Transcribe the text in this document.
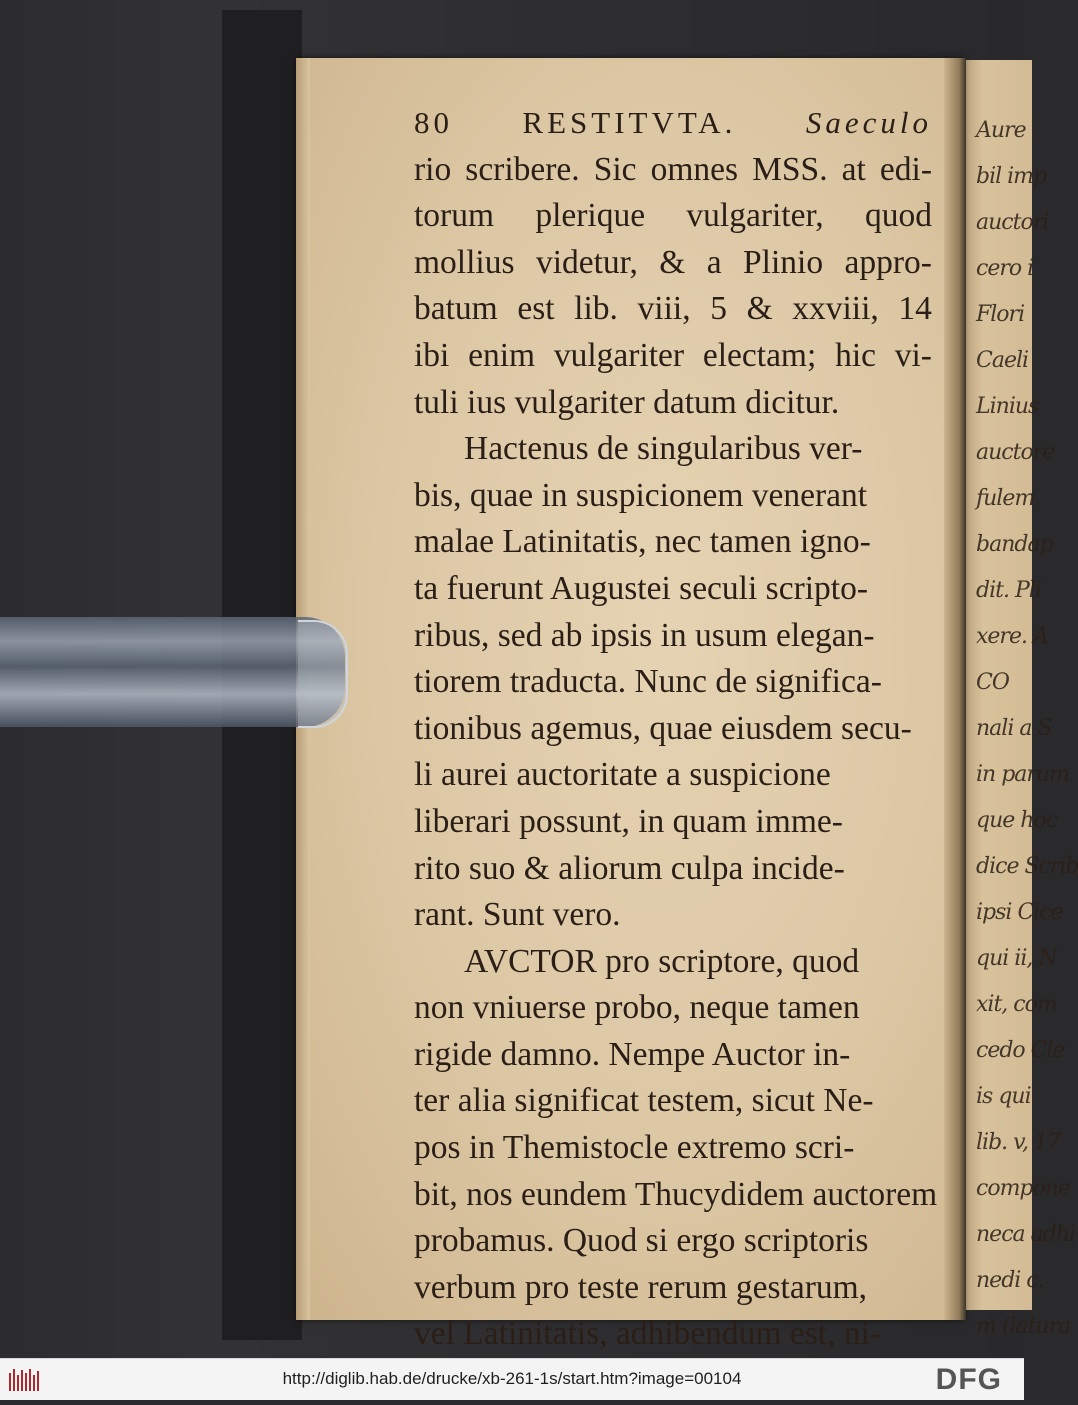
Aure
bil imp
auctori
cero i
Flori
Caeli
Linius
auctore
fulem
bandap
dit. Pli
xere. A
CO
nali a S
in parum
que hoc
dice Scrib
ipsi Cice
qui ii, N
xit, com
cedo Cle
is qui
lib. v, 17
compone
neca adhi
nedi c.
m (latura
80 RESTITVTA. Saeculo
rio scribere. Sic omnes MSS. at edi-
torum plerique vulgariter, quod
mollius videtur, & a Plinio appro-
batum est lib. viii, 5 & xxviii, 14
ibi enim vulgariter electam; hic vi-
tuli ius vulgariter datum dicitur.
Hactenus de singularibus ver-
bis, quae in suspicionem venerant
malae Latinitatis, nec tamen igno-
ta fuerunt Augustei seculi scripto-
ribus, sed ab ipsis in usum elegan-
tiorem traducta. Nunc de significa-
tionibus agemus, quae eiusdem secu-
li aurei auctoritate a suspicione
liberari possunt, in quam imme-
rito suo & aliorum culpa incide-
rant. Sunt vero.
AVCTOR pro scriptore, quod
non vniuerse probo, neque tamen
rigide damno. Nempe Auctor in-
ter alia significat testem, sicut Ne-
pos in Themistocle extremo scri-
bit, nos eundem Thucydidem auctorem
probamus. Quod si ergo scriptoris
verbum pro teste rerum gestarum,
vel Latinitatis, adhibendum est, ni-
http://diglib.hab.de/drucke/xb-261-1s/start.htm?image=00104	DFG
